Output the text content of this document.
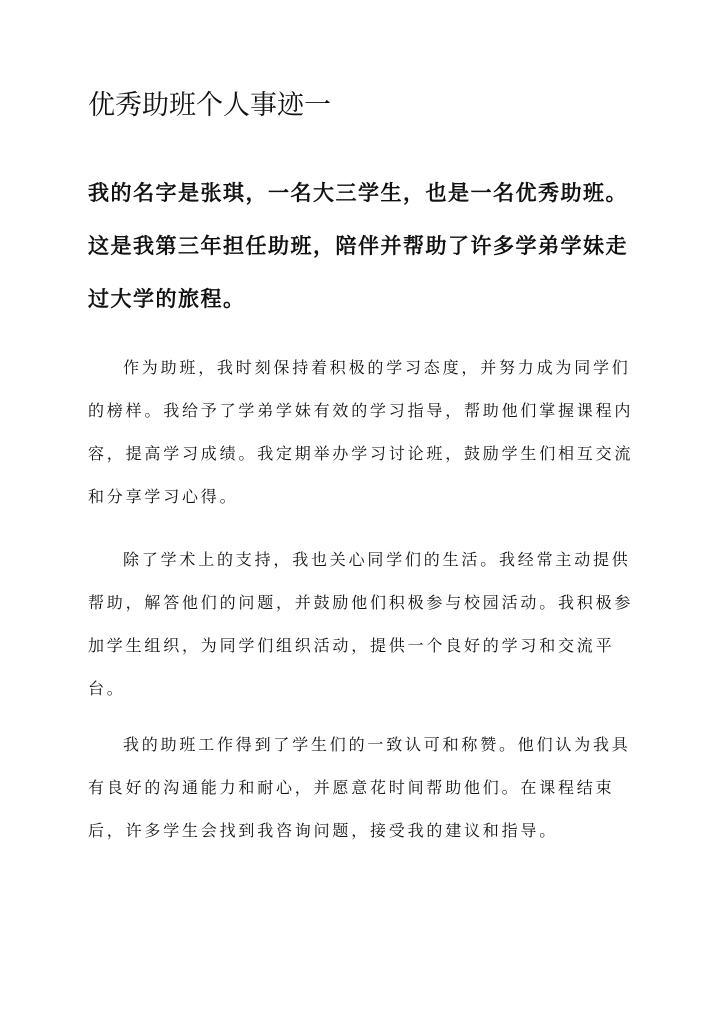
优秀助班个人事迹一

我的名字是张琪，一名大三学生，也是一名优秀助班。这是我第三年担任助班，陪伴并帮助了许多学弟学妹走过大学的旅程。

作为助班，我时刻保持着积极的学习态度，并努力成为同学们的榜样。我给予了学弟学妹有效的学习指导，帮助他们掌握课程内容，提高学习成绩。我定期举办学习讨论班，鼓励学生们相互交流和分享学习心得。

除了学术上的支持，我也关心同学们的生活。我经常主动提供帮助，解答他们的问题，并鼓励他们积极参与校园活动。我积极参加学生组织，为同学们组织活动，提供一个良好的学习和交流平台。

我的助班工作得到了学生们的一致认可和称赞。他们认为我具有良好的沟通能力和耐心，并愿意花时间帮助他们。在课程结束后，许多学生会找到我咨询问题，接受我的建议和指导。
